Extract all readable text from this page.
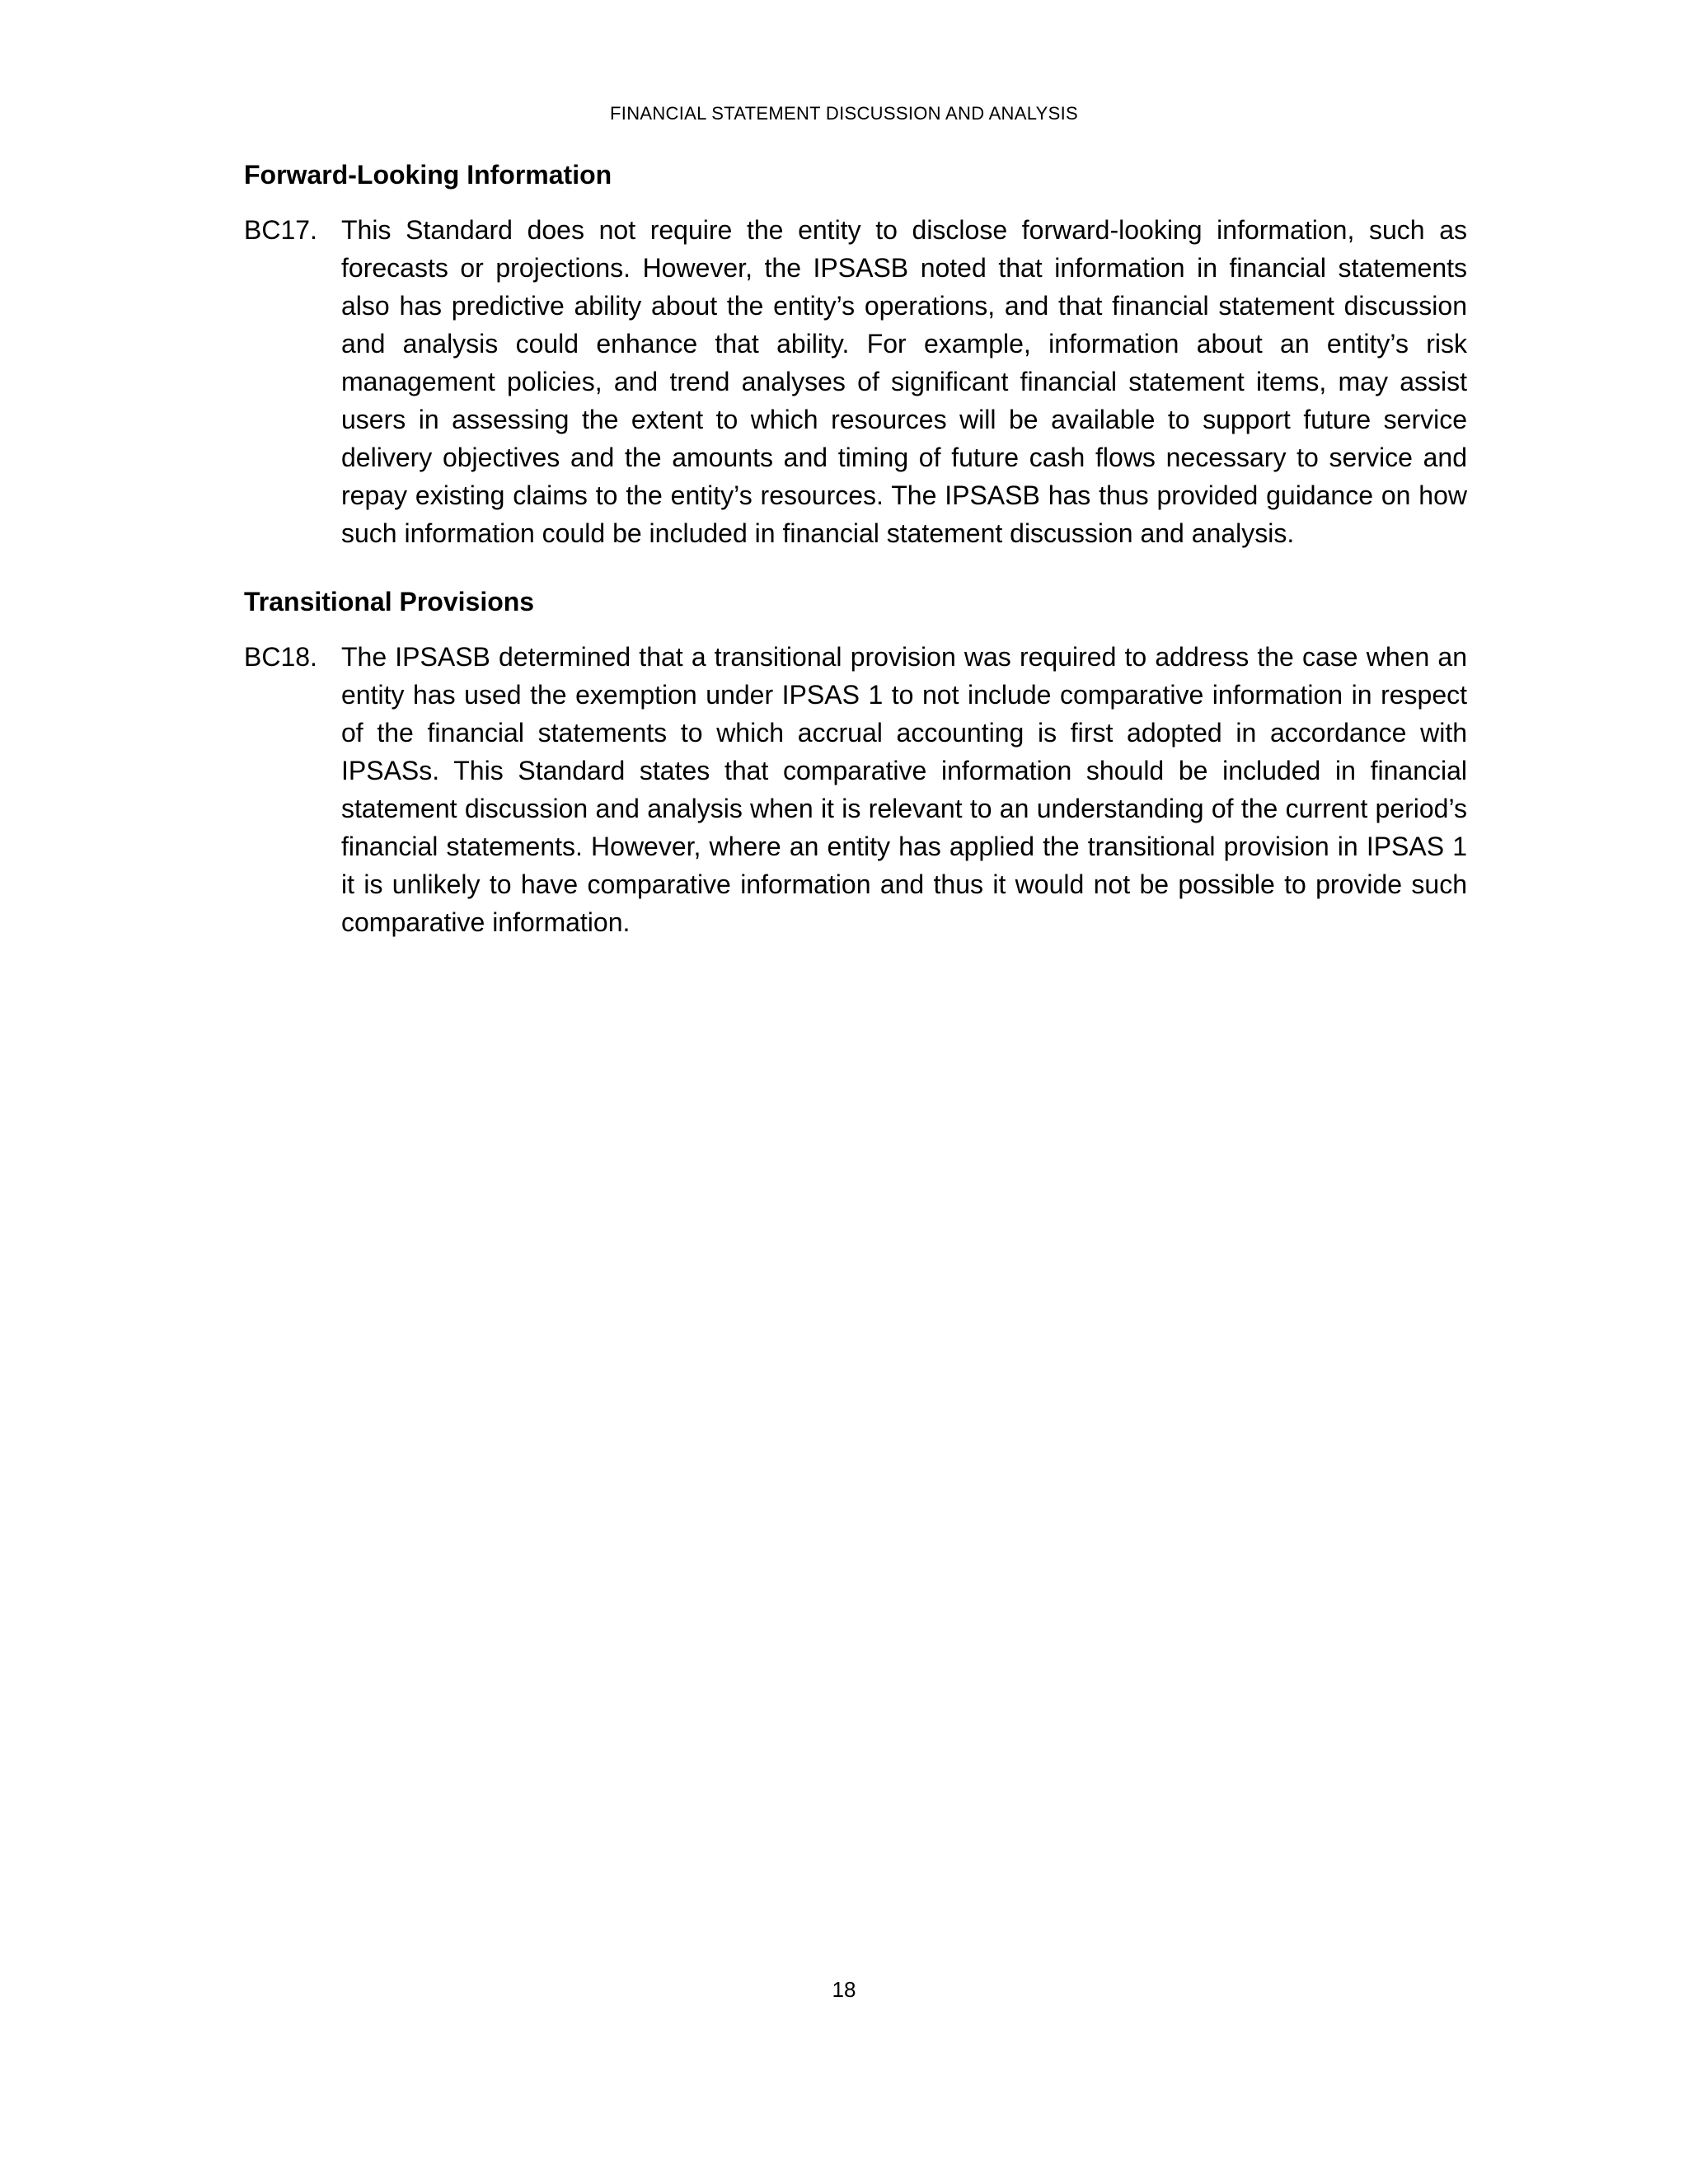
FINANCIAL STATEMENT DISCUSSION AND ANALYSIS
Forward-Looking Information
BC17. This Standard does not require the entity to disclose forward-looking information, such as forecasts or projections. However, the IPSASB noted that information in financial statements also has predictive ability about the entity’s operations, and that financial statement discussion and analysis could enhance that ability. For example, information about an entity’s risk management policies, and trend analyses of significant financial statement items, may assist users in assessing the extent to which resources will be available to support future service delivery objectives and the amounts and timing of future cash flows necessary to service and repay existing claims to the entity’s resources. The IPSASB has thus provided guidance on how such information could be included in financial statement discussion and analysis.
Transitional Provisions
BC18. The IPSASB determined that a transitional provision was required to address the case when an entity has used the exemption under IPSAS 1 to not include comparative information in respect of the financial statements to which accrual accounting is first adopted in accordance with IPSASs. This Standard states that comparative information should be included in financial statement discussion and analysis when it is relevant to an understanding of the current period’s financial statements. However, where an entity has applied the transitional provision in IPSAS 1 it is unlikely to have comparative information and thus it would not be possible to provide such comparative information.
18
